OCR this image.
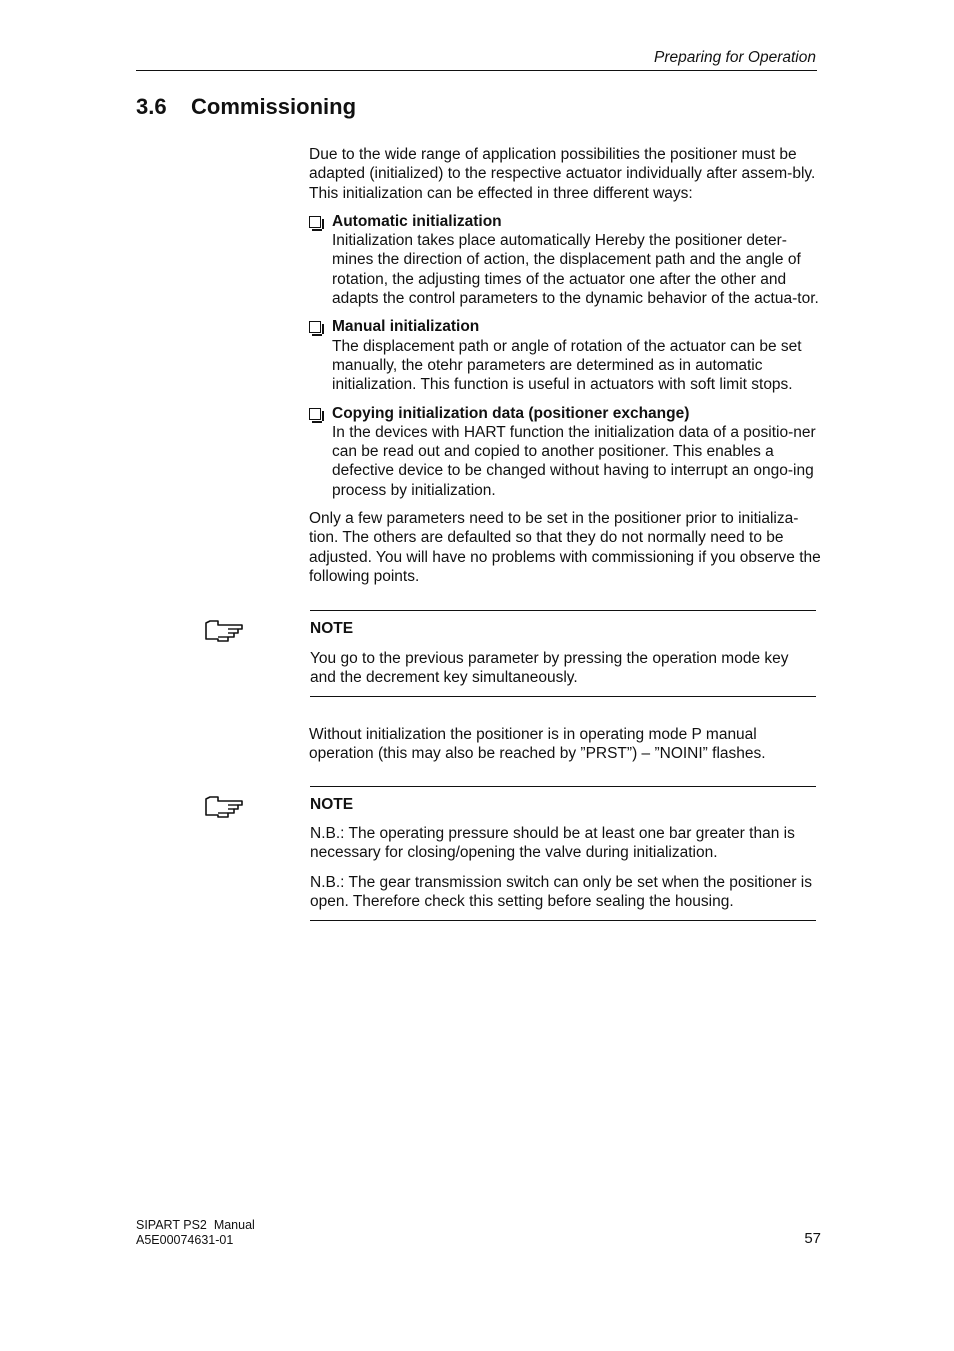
Preparing for Operation
3.6 Commissioning

Due to the wide range of application possibilities the positioner must be adapted (initialized) to the respective actuator individually after assem-bly. This initialization can be effected in three different ways:

Automatic initialization

Initialization takes place automatically Hereby the positioner deter-mines the direction of action, the displacement path and the angle of rotation, the adjusting times of the actuator one after the other and adapts the control parameters to the dynamic behavior of the actua-tor.

Manual initialization

The displacement path or angle of rotation of the actuator can be set manually, the otehr parameters are determined as in automatic initialization. This function is useful in actuators with soft limit stops.

Copying initialization data (positioner exchange)

In the devices with HART function the initialization data of a positio-ner can be read out and copied to another positioner. This enables a defective device to be changed without having to interrupt an ongo-ing process by initialization.

Only a few parameters need to be set in the positioner prior to initializa-tion. The others are defaulted so that they do not normally need to be adjusted. You will have no problems with commissioning if you observe the following points.

NOTE

You go to the previous parameter by pressing the operation mode key and the decrement key simultaneously.

Without initialization the positioner is in operating mode P manual operation (this may also be reached by ”PRST”) – ”NOINI” flashes.

NOTE

N.B.: The operating pressure should be at least one bar greater than is necessary for closing/opening the valve during initialization.

N.B.: The gear transmission switch can only be set when the positioner is open. Therefore check this setting before sealing the housing.

SIPART PS2  Manual
A5E00074631-01	57
